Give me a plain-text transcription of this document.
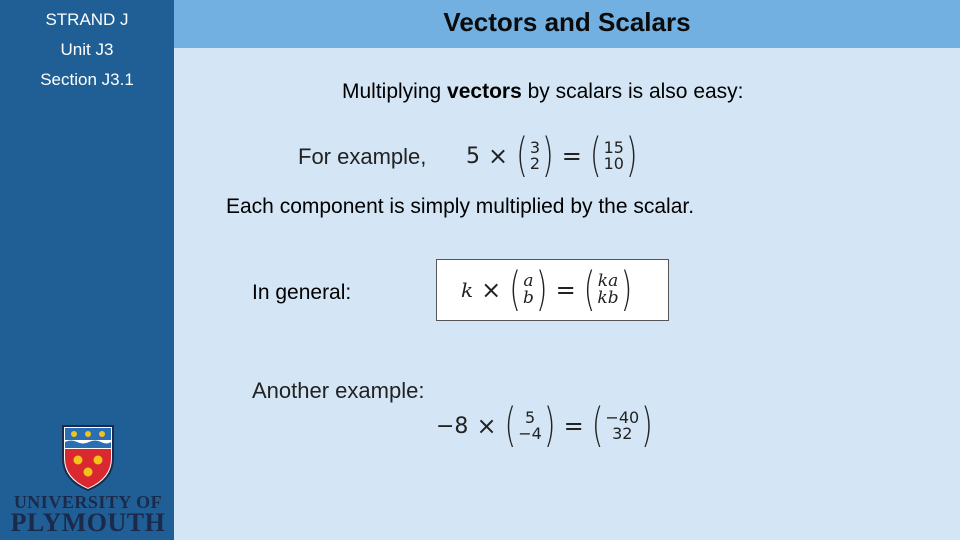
STRAND J
Unit J3
Section J3.1
UNIVERSITY OF
PLYMOUTH
Vectors and Scalars
Multiplying vectors by scalars is also easy:
For example, 5 × ( 3
2 ) = ( 15
10 )
Each component is simply multiplied by the scalar.
In general:	k × ( a
b ) = ( ka
kb )
Another example:
−8 × ( 5
−4 ) = ( −40
32 )
